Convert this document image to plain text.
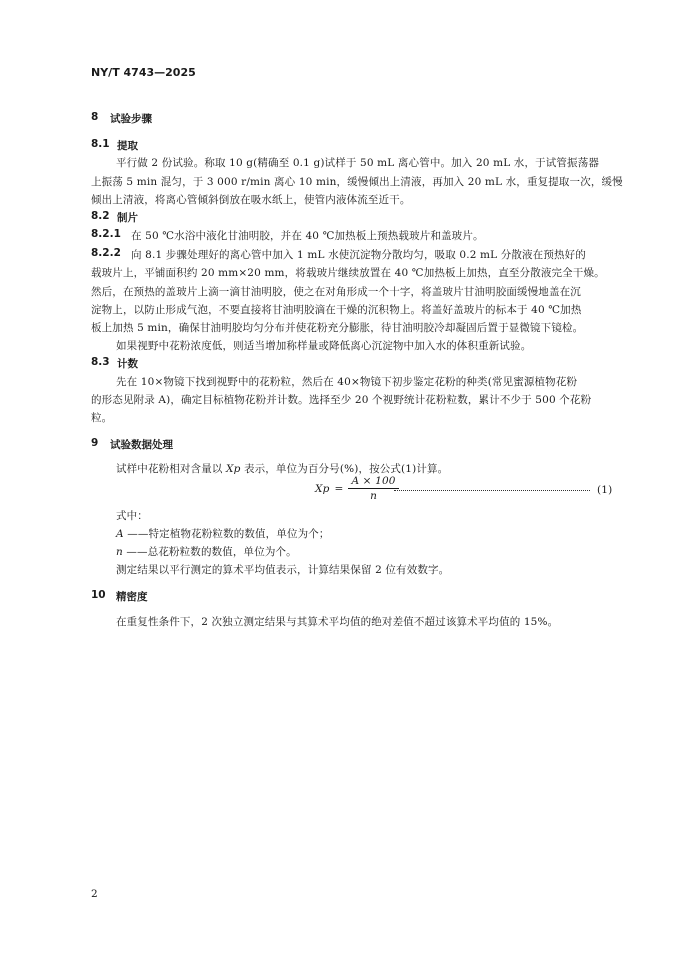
NY/T 4743—2025
8 试验步骤
8.1 提取
平行做 2 份试验。称取 10 g(精确至 0.1 g)试样于 50 mL 离心管中。加入 20 mL 水，于试管振荡器
上振荡 5 min 混匀，于 3 000 r/min 离心 10 min，缓慢倾出上清液，再加入 20 mL 水，重复提取一次，缓慢
倾出上清液，将离心管倾斜倒放在吸水纸上，使管内液体流至近干。
8.2 制片
8.2.1 在 50 ℃水浴中液化甘油明胶，并在 40 ℃加热板上预热载玻片和盖玻片。
8.2.2 向 8.1 步骤处理好的离心管中加入 1 mL 水使沉淀物分散均匀，吸取 0.2 mL 分散液在预热好的
载玻片上，平铺面积约 20 mm×20 mm，将载玻片继续放置在 40 ℃加热板上加热，直至分散液完全干燥。
然后，在预热的盖玻片上滴一滴甘油明胶，使之在对角形成一个十字，将盖玻片甘油明胶面缓慢地盖在沉
淀物上，以防止形成气泡，不要直接将甘油明胶滴在干燥的沉积物上。将盖好盖玻片的标本于 40 ℃加热
板上加热 5 min，确保甘油明胶均匀分布并使花粉充分膨胀，待甘油明胶冷却凝固后置于显微镜下镜检。
如果视野中花粉浓度低，则适当增加称样量或降低离心沉淀物中加入水的体积重新试验。
8.3 计数
先在 10×物镜下找到视野中的花粉粒，然后在 40×物镜下初步鉴定花粉的种类(常见蜜源植物花粉
的形态见附录 A)，确定目标植物花粉并计数。选择至少 20 个视野统计花粉粒数，累计不少于 500 个花粉
粒。
9 试验数据处理
试样中花粉相对含量以 Xp 表示，单位为百分号(%)，按公式(1)计算。
$Xp = \frac{A \times 100}{n}$	(1)
式中：
A ——特定植物花粉粒数的数值，单位为个；
n ——总花粉粒数的数值，单位为个。
测定结果以平行测定的算术平均值表示，计算结果保留 2 位有效数字。
10 精密度
在重复性条件下，2 次独立测定结果与其算术平均值的绝对差值不超过该算术平均值的 15%。
2
